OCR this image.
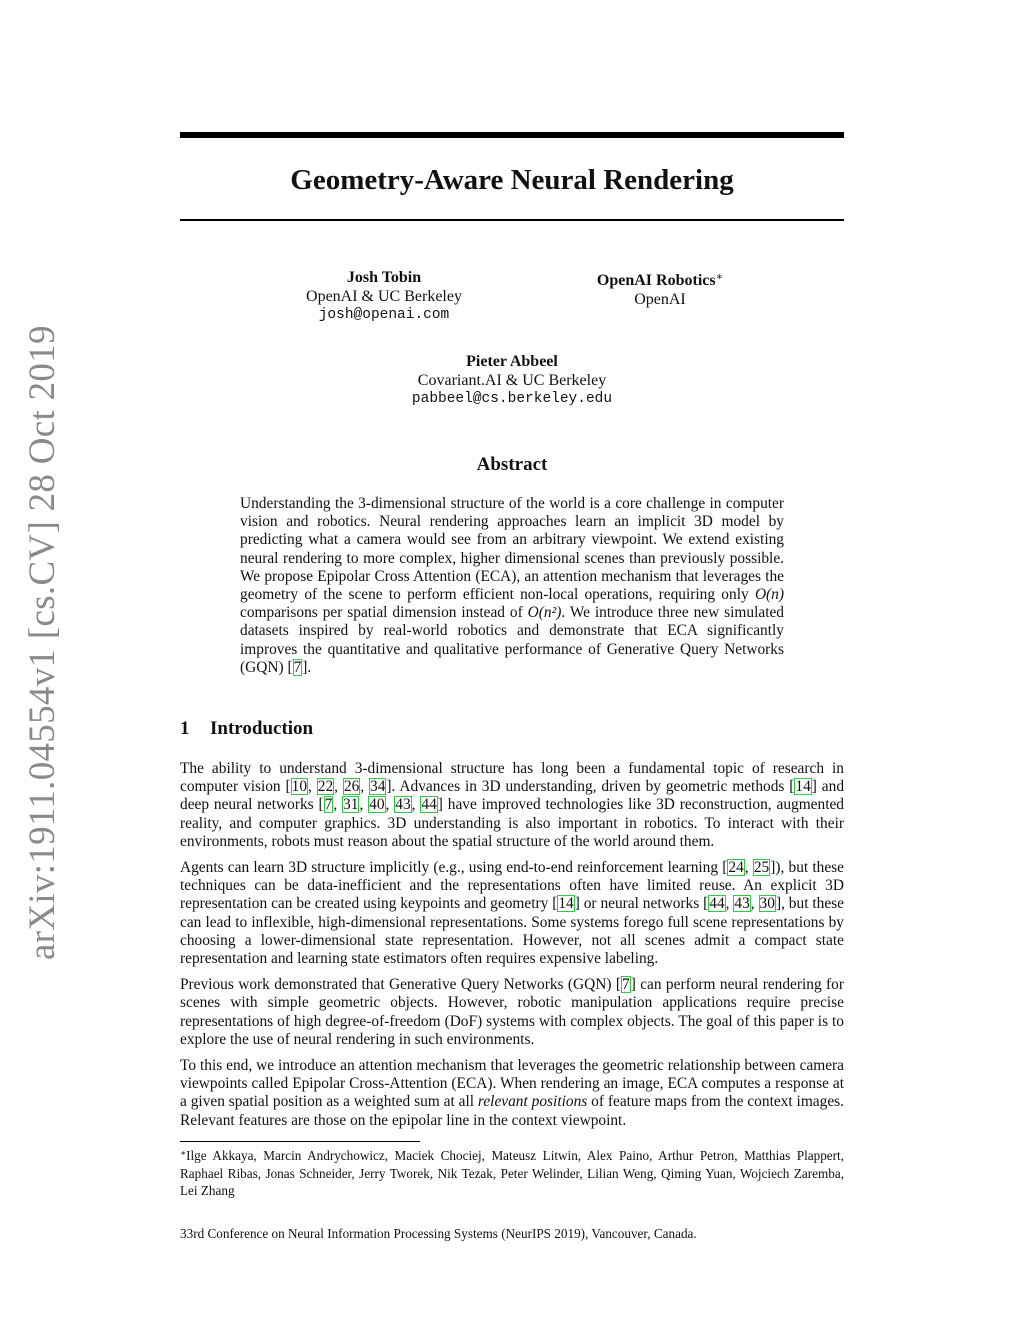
arXiv:1911.04554v1 [cs.CV] 28 Oct 2019
Geometry-Aware Neural Rendering
Josh Tobin
OpenAI & UC Berkeley
josh@openai.com
OpenAI Robotics∗
OpenAI
Pieter Abbeel
Covariant.AI & UC Berkeley
pabbeel@cs.berkeley.edu
Abstract
Understanding the 3-dimensional structure of the world is a core challenge in computer vision and robotics. Neural rendering approaches learn an implicit 3D model by predicting what a camera would see from an arbitrary viewpoint. We extend existing neural rendering to more complex, higher dimensional scenes than previously possible. We propose Epipolar Cross Attention (ECA), an attention mechanism that leverages the geometry of the scene to perform efficient non-local operations, requiring only O(n) comparisons per spatial dimension instead of O(n²). We introduce three new simulated datasets inspired by real-world robotics and demonstrate that ECA significantly improves the quantitative and qualitative performance of Generative Query Networks (GQN) [7].
1 Introduction

The ability to understand 3-dimensional structure has long been a fundamental topic of research in computer vision [10, 22, 26, 34]. Advances in 3D understanding, driven by geometric methods [14] and deep neural networks [7, 31, 40, 43, 44] have improved technologies like 3D reconstruction, augmented reality, and computer graphics. 3D understanding is also important in robotics. To interact with their environments, robots must reason about the spatial structure of the world around them.

Agents can learn 3D structure implicitly (e.g., using end-to-end reinforcement learning [24, 25]), but these techniques can be data-inefficient and the representations often have limited reuse. An explicit 3D representation can be created using keypoints and geometry [14] or neural networks [44, 43, 30], but these can lead to inflexible, high-dimensional representations. Some systems forego full scene representations by choosing a lower-dimensional state representation. However, not all scenes admit a compact state representation and learning state estimators often requires expensive labeling.

Previous work demonstrated that Generative Query Networks (GQN) [7] can perform neural rendering for scenes with simple geometric objects. However, robotic manipulation applications require precise representations of high degree-of-freedom (DoF) systems with complex objects. The goal of this paper is to explore the use of neural rendering in such environments.

To this end, we introduce an attention mechanism that leverages the geometric relationship between camera viewpoints called Epipolar Cross-Attention (ECA). When rendering an image, ECA computes a response at a given spatial position as a weighted sum at all relevant positions of feature maps from the context images. Relevant features are those on the epipolar line in the context viewpoint.

∗Ilge Akkaya, Marcin Andrychowicz, Maciek Chociej, Mateusz Litwin, Alex Paino, Arthur Petron, Matthias Plappert, Raphael Ribas, Jonas Schneider, Jerry Tworek, Nik Tezak, Peter Welinder, Lilian Weng, Qiming Yuan, Wojciech Zaremba, Lei Zhang
33rd Conference on Neural Information Processing Systems (NeurIPS 2019), Vancouver, Canada.
